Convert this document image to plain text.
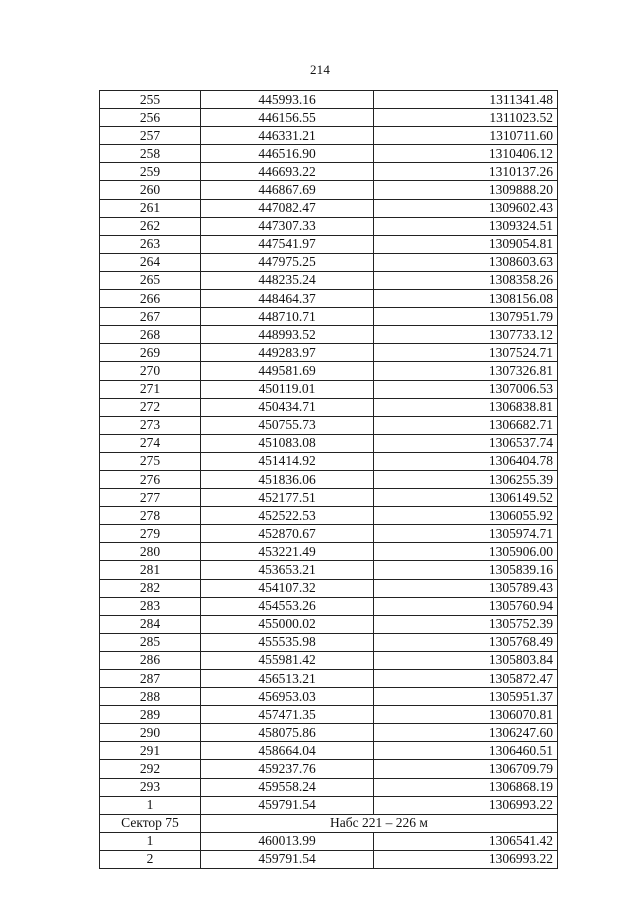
214
255	445993.16	1311341.48
256	446156.55	1311023.52
257	446331.21	1310711.60
258	446516.90	1310406.12
259	446693.22	1310137.26
260	446867.69	1309888.20
261	447082.47	1309602.43
262	447307.33	1309324.51
263	447541.97	1309054.81
264	447975.25	1308603.63
265	448235.24	1308358.26
266	448464.37	1308156.08
267	448710.71	1307951.79
268	448993.52	1307733.12
269	449283.97	1307524.71
270	449581.69	1307326.81
271	450119.01	1307006.53
272	450434.71	1306838.81
273	450755.73	1306682.71
274	451083.08	1306537.74
275	451414.92	1306404.78
276	451836.06	1306255.39
277	452177.51	1306149.52
278	452522.53	1306055.92
279	452870.67	1305974.71
280	453221.49	1305906.00
281	453653.21	1305839.16
282	454107.32	1305789.43
283	454553.26	1305760.94
284	455000.02	1305752.39
285	455535.98	1305768.49
286	455981.42	1305803.84
287	456513.21	1305872.47
288	456953.03	1305951.37
289	457471.35	1306070.81
290	458075.86	1306247.60
291	458664.04	1306460.51
292	459237.76	1306709.79
293	459558.24	1306868.19
1	459791.54	1306993.22
Сектор 75	Набс 221 – 226 м	
1	460013.99	1306541.42
2	459791.54	1306993.22
